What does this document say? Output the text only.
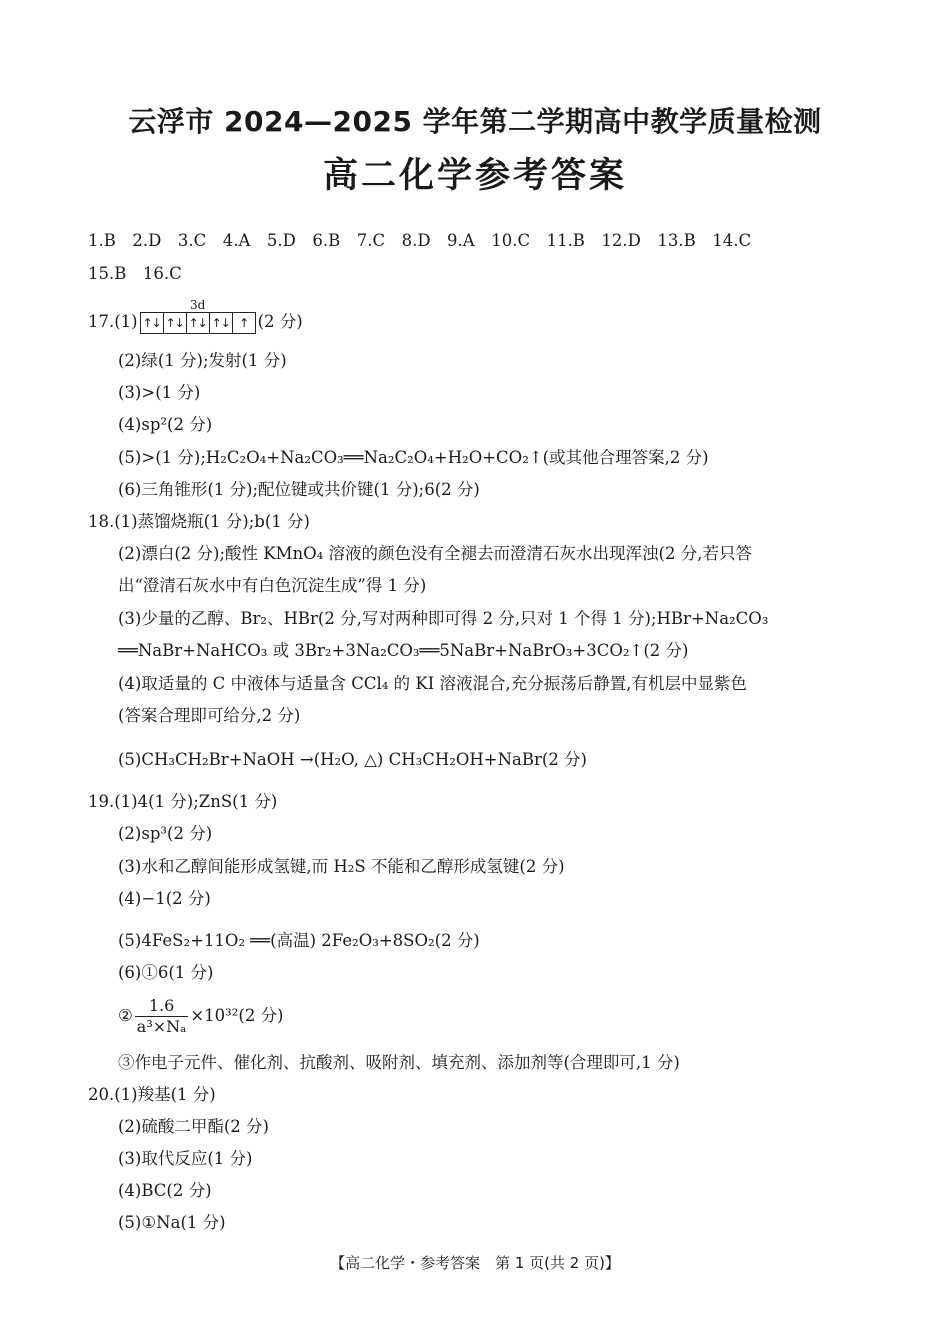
云浮市 2024—2025 学年第二学期高中教学质量检测
高二化学参考答案
1.B　2.D　3.C　4.A　5.D　6.B　7.C　8.D　9.A　10.C　11.B　12.D　13.B　14.C
15.B　16.C
17.(1)
3d
↑↓ ↑↓ ↑↓ ↑↓ ↑ (2 分)
(2)绿(1 分);发射(1 分)
(3)>(1 分)
(4)sp²(2 分)
(5)>(1 分);H₂C₂O₄+Na₂CO₃══Na₂C₂O₄+H₂O+CO₂↑(或其他合理答案,2 分)
(6)三角锥形(1 分);配位键或共价键(1 分);6(2 分)
18.(1)蒸馏烧瓶(1 分);b(1 分)
(2)漂白(2 分);酸性 KMnO₄ 溶液的颜色没有全褪去而澄清石灰水出现浑浊(2 分,若只答
出“澄清石灰水中有白色沉淀生成”得 1 分)
(3)少量的乙醇、Br₂、HBr(2 分,写对两种即可得 2 分,只对 1 个得 1 分);HBr+Na₂CO₃
══NaBr+NaHCO₃ 或 3Br₂+3Na₂CO₃══5NaBr+NaBrO₃+3CO₂↑(2 分)
(4)取适量的 C 中液体与适量含 CCl₄ 的 KI 溶液混合,充分振荡后静置,有机层中显紫色
(答案合理即可给分,2 分)
(5)CH₃CH₂Br+NaOH →(H₂O, △) CH₃CH₂OH+NaBr(2 分)
19.(1)4(1 分);ZnS(1 分)
(2)sp³(2 分)
(3)水和乙醇间能形成氢键,而 H₂S 不能和乙醇形成氢键(2 分)
(4)−1(2 分)
(5)4FeS₂+11O₂ ══(高温) 2Fe₂O₃+8SO₂(2 分)
(6)①6(1 分)
② $\frac{1.6}{\text{a³×Nₐ}} \times 10^{32}(2$ 分)
③作电子元件、催化剂、抗酸剂、吸附剂、填充剂、添加剂等(合理即可,1 分)
20.(1)羧基(1 分)
(2)硫酸二甲酯(2 分)
(3)取代反应(1 分)
(4)BC(2 分)
(5)①Na(1 分)
【高二化学・参考答案　第 1 页(共 2 页)】
